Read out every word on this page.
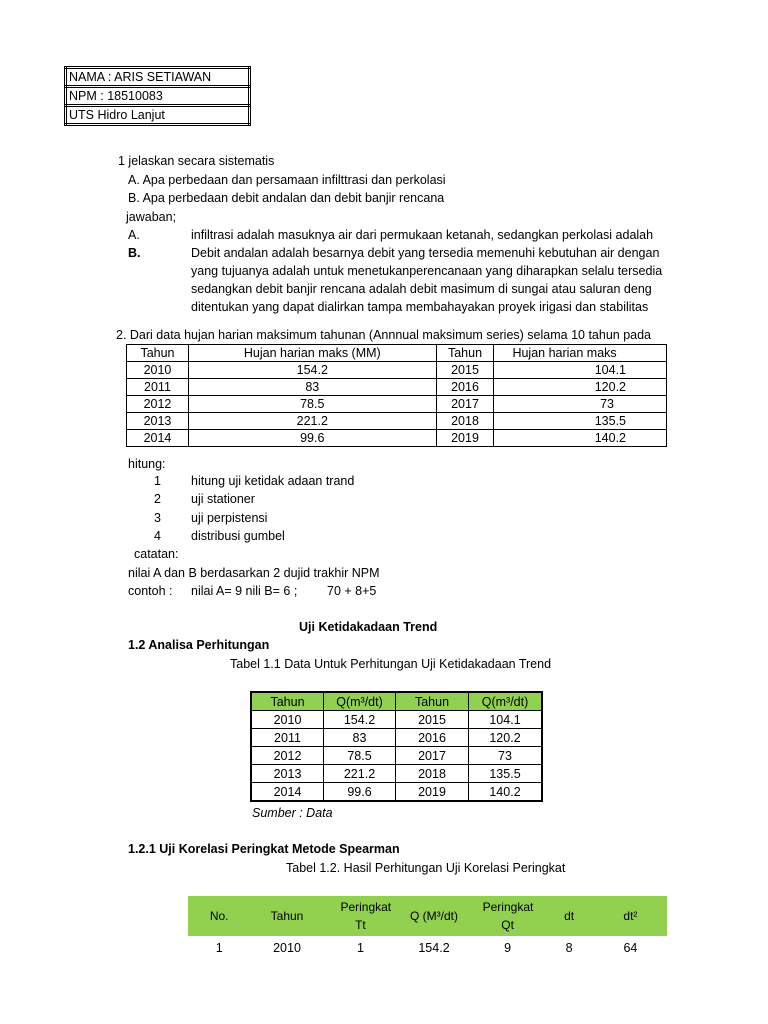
NAMA : ARIS SETIAWAN
NPM : 18510083
UTS Hidro Lanjut
1 jelaskan secara sistematis
A. Apa perbedaan dan persamaan infilttrasi dan perkolasi
B. Apa perbedaan debit andalan dan debit banjir rencana
jawaban;
A.	infiltrasi adalah masuknya air dari permukaan ketanah, sedangkan perkolasi adalah
B.	Debit andalan adalah besarnya debit yang tersedia memenuhi kebutuhan air dengan
yang tujuanya adalah untuk menetukanperencanaan yang diharapkan selalu tersedia
sedangkan debit banjir rencana adalah debit masimum di sungai atau saluran deng
ditentukan yang dapat dialirkan tampa membahayakan proyek irigasi dan stabilitas
2. Dari data hujan harian maksimum tahunan (Annnual maksimum series) selama 10 tahun pada
Tahun	Hujan harian maks (MM)	Tahun	Hujan harian maks
2010	154.2	2015	104.1
2011	83	2016	120.2
2012	78.5	2017	73
2013	221.2	2018	135.5
2014	99.6	2019	140.2
hitung:
1 hitung uji ketidak adaan trand
2 uji stationer
3 uji perpistensi
4 distribusi gumbel
catatan:
nilai A dan B berdasarkan 2 dujid trakhir NPM
contoh : nilai A= 9 nili B= 6 ; 70 + 8+5
Uji Ketidakadaan Trend
1.2 Analisa Perhitungan
Tabel 1.1 Data Untuk Perhitungan Uji Ketidakadaan Trend
Tahun	Q(m³/dt)	Tahun	Q(m³/dt)
2010	154.2	2015	104.1
2011	83	2016	120.2
2012	78.5	2017	73
2013	221.2	2018	135.5
2014	99.6	2019	140.2
Sumber : Data
1.2.1 Uji Korelasi Peringkat Metode Spearman
Tabel 1.2. Hasil Perhitungan Uji Korelasi Peringkat
No.	Tahun	Peringkat Tt	Q (M³/dt)	Peringkat Qt	dt	dt²
1	2010	1	154.2	9	8	64
